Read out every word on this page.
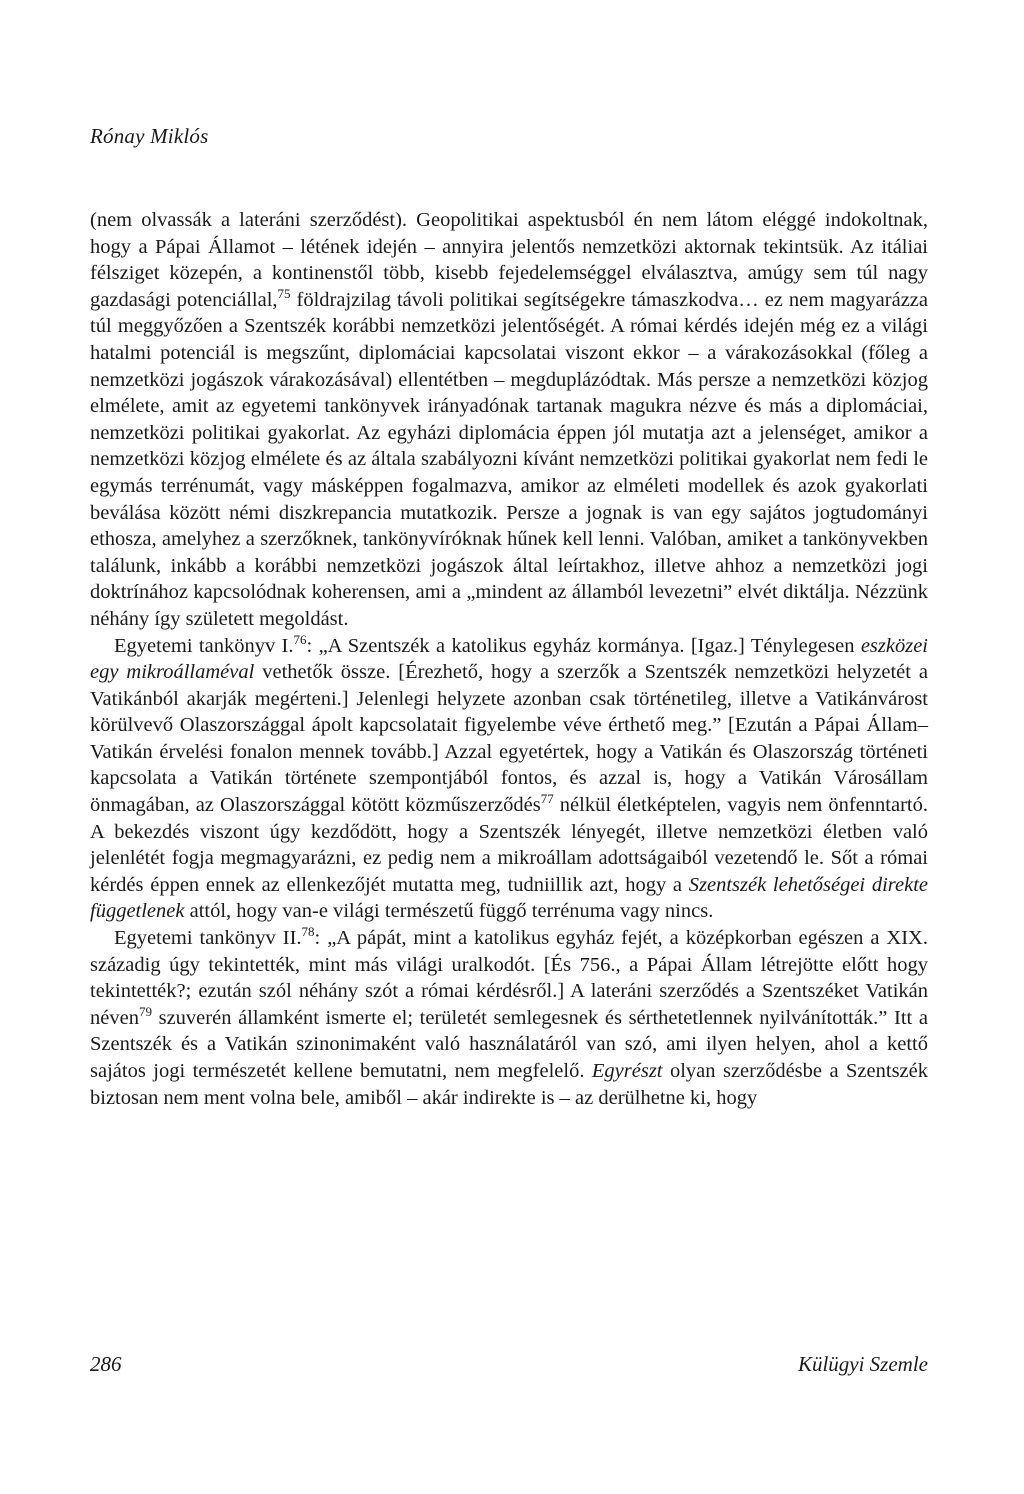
Rónay Miklós

(nem olvassák a lateráni szerződést). Geopolitikai aspektusból én nem látom eléggé indokoltnak, hogy a Pápai Államot – létének idején – annyira jelentős nemzetközi aktornak tekintsük. Az itáliai félsziget közepén, a kontinenstől több, kisebb fejedelemséggel elválasztva, amúgy sem túl nagy gazdasági potenciállal,$^{75}$ földrajzilag távoli politikai segítségekre támaszkodva… ez nem magyarázza túl meggyőzően a Szentszék korábbi nemzetközi jelentőségét. A római kérdés idején még ez a világi hatalmi potenciál is megszűnt, diplomáciai kapcsolatai viszont ekkor – a várakozásokkal (főleg a nemzetközi jogászok várakozásával) ellentétben – megduplázódtak. Más persze a nemzetközi közjog elmélete, amit az egyetemi tankönyvek irányadónak tartanak magukra nézve és más a diplomáciai, nemzetközi politikai gyakorlat. Az egyházi diplomácia éppen jól mutatja azt a jelenséget, amikor a nemzetközi közjog elmélete és az általa szabályozni kívánt nemzetközi politikai gyakorlat nem fedi le egymás terrénumát, vagy másképpen fogalmazva, amikor az elméleti modellek és azok gyakorlati beválása között némi diszkrepancia mutatkozik. Persze a jognak is van egy sajátos jogtudományi ethosza, amelyhez a szerzőknek, tankönyvíróknak hűnek kell lenni. Valóban, amiket a tankönyvekben találunk, inkább a korábbi nemzetközi jogászok által leírtakhoz, illetve ahhoz a nemzetközi jogi doktrínához kapcsolódnak koherensen, ami a „mindent az államból levezetni” elvét diktálja. Nézzünk néhány így született megoldást.

Egyetemi tankönyv I.$^{76}$: „A Szentszék a katolikus egyház kormánya. [Igaz.] Ténylegesen eszközei egy mikroállaméval vethetők össze. [Érezhető, hogy a szerzők a Szentszék nemzetközi helyzetét a Vatikánból akarják megérteni.] Jelenlegi helyzete azonban csak történetileg, illetve a Vatikánvárost körülvevő Olaszországgal ápolt kapcsolatait figyelembe véve érthető meg.” [Ezután a Pápai Állam–Vatikán érvelési fonalon mennek tovább.] Azzal egyetértek, hogy a Vatikán és Olaszország történeti kapcsolata a Vatikán története szempontjából fontos, és azzal is, hogy a Vatikán Városállam önmagában, az Olaszországgal kötött közműszerződés$^{77}$ nélkül életképtelen, vagyis nem önfenntartó. A bekezdés viszont úgy kezdődött, hogy a Szentszék lényegét, illetve nemzetközi életben való jelenlétét fogja megmagyarázni, ez pedig nem a mikroállam adottságaiból vezetendő le. Sőt a római kérdés éppen ennek az ellenkezőjét mutatta meg, tudniillik azt, hogy a Szentszék lehetőségei direkte függetlenek attól, hogy van-e világi természetű függő terrénuma vagy nincs.

Egyetemi tankönyv II.$^{78}$: „A pápát, mint a katolikus egyház fejét, a középkorban egészen a XIX. századig úgy tekintették, mint más világi uralkodót. [És 756., a Pápai Állam létrejötte előtt hogy tekintették?; ezután szól néhány szót a római kérdésről.] A lateráni szerződés a Szentszéket Vatikán néven$^{79}$ szuverén államként ismerte el; területét semlegesnek és sérthetetlennek nyilvánították.” Itt a Szentszék és a Vatikán szinonimaként való használatáról van szó, ami ilyen helyen, ahol a kettő sajátos jogi természetét kellene bemutatni, nem megfelelő. Egyrészt olyan szerződésbe a Szentszék biztosan nem ment volna bele, amiből – akár indirekte is – az derülhetne ki, hogy

286	Külügyi Szemle
